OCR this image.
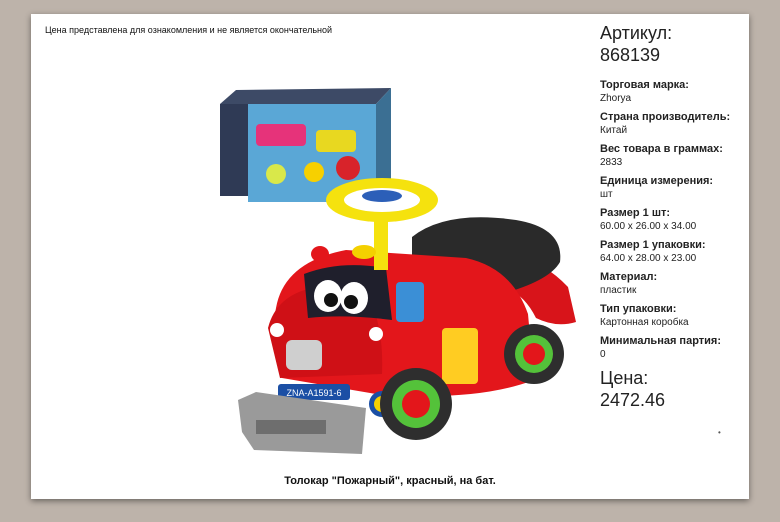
Цена представлена для ознакомления и не является окончательной
ZNA-A1591-6
Толокар "Пожарный", красный, на бат.
Артикул:
868139
Торговая марка:
Zhorya
Страна производитель:
Китай
Вес товара в граммах:
2833
Единица измерения:
шт
Размер 1 шт:
60.00 x 26.00 x 34.00
Размер 1 упаковки:
64.00 x 28.00 x 23.00
Материал:
пластик
Тип упаковки:
Картонная коробка
Минимальная партия:
0
Цена:
2472.46
•
